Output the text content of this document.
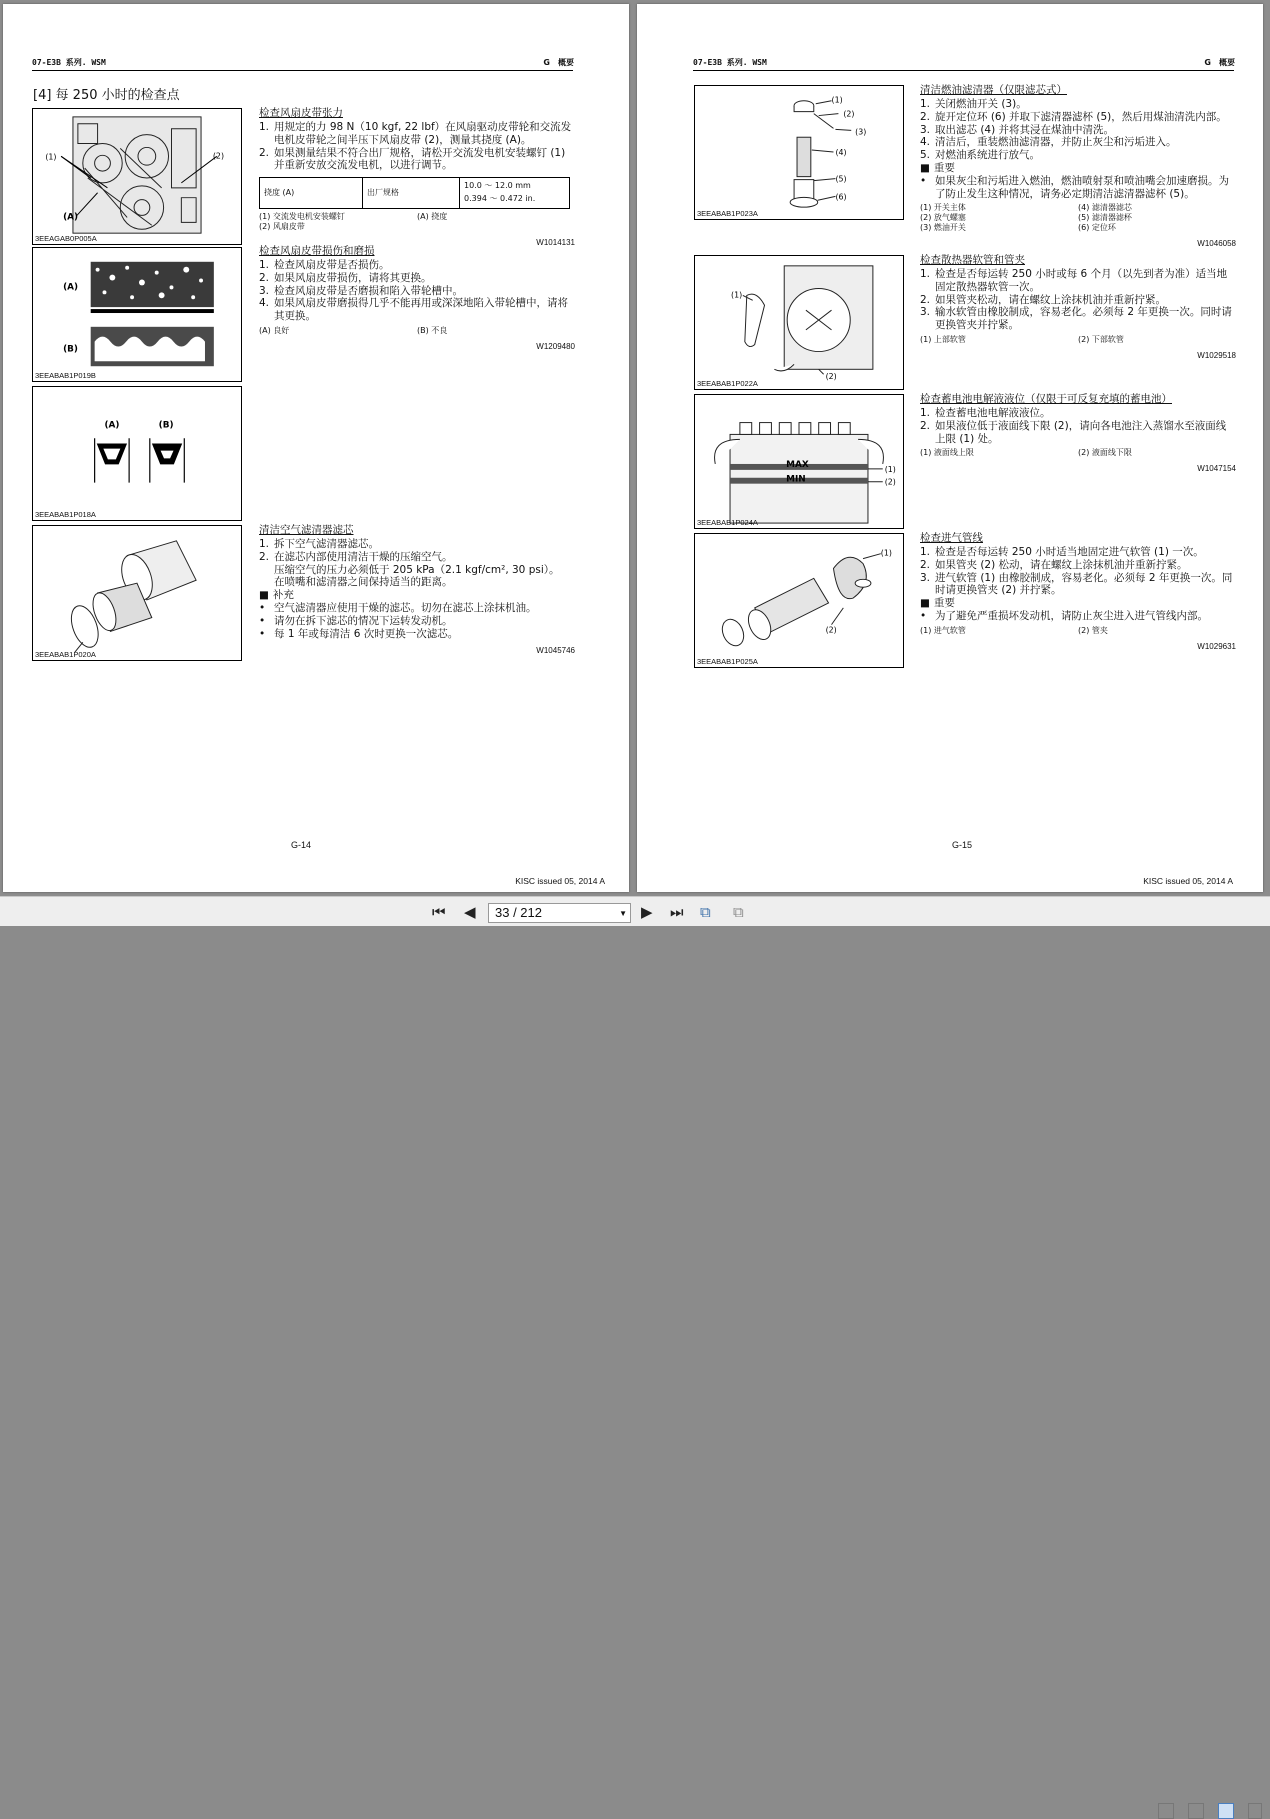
07-E3B 系列. WSM	G　概要
[4] 每 250 小时的检查点
(1)	(2)
(A)
3EEAGAB0P005A
(A)
(B)
3EEABAB1P019B
(A)	(B)
3EEABAB1P018A
3EEABAB1P020A
检查风扇皮带张力
1. 用规定的力 98 N（10 kgf, 22 lbf）在风扇驱动皮带轮和交流发电机皮带轮之间半压下风扇皮带 (2)，测量其挠度 (A)。
2. 如果测量结果不符合出厂规格，请松开交流发电机安装螺钉 (1) 并重新安放交流发电机，以进行调节。
挠度 (A)	出厂规格	10.0 ～ 12.0 mm
0.394 ～ 0.472 in.
(1) 交流发电机安装螺钉	(A) 挠度
(2) 风扇皮带
W1014131
检查风扇皮带损伤和磨损
1. 检查风扇皮带是否损伤。
2. 如果风扇皮带损伤，请将其更换。
3. 检查风扇皮带是否磨损和陷入带轮槽中。
4. 如果风扇皮带磨损得几乎不能再用或深深地陷入带轮槽中，请将其更换。
(A) 良好	(B) 不良
W1209480
清洁空气滤清器滤芯
1. 拆下空气滤清器滤芯。
2. 在滤芯内部使用清洁干燥的压缩空气。
压缩空气的压力必须低于 205 kPa（2.1 kgf/cm², 30 psi）。
在喷嘴和滤清器之间保持适当的距离。
■ 补充
• 空气滤清器应使用干燥的滤芯。切勿在滤芯上涂抹机油。
• 请勿在拆下滤芯的情况下运转发动机。
• 每 1 年或每清洁 6 次时更换一次滤芯。
W1045746
G-14
KISC issued 05, 2014 A
07-E3B 系列. WSM	G　概要
(1)
(2)
(3)
(4)
(5)
(6)
3EEABAB1P023A
(1)
(2)
3EEABAB1P022A
MAX
MIN
(1)
(2)
3EEABAB1P024A
(1)
(2)
3EEABAB1P025A
清洁燃油滤清器（仅限滤芯式）
1. 关闭燃油开关 (3)。
2. 旋开定位环 (6) 并取下滤清器滤杯 (5)，然后用煤油清洗内部。
3. 取出滤芯 (4) 并将其浸在煤油中清洗。
4. 清洁后，重装燃油滤清器，并防止灰尘和污垢进入。
5. 对燃油系统进行放气。
■ 重要
• 如果灰尘和污垢进入燃油，燃油喷射泵和喷油嘴会加速磨损。为了防止发生这种情况，请务必定期清洁滤清器滤杯 (5)。
(1) 开关主体	(4) 滤清器滤芯
(2) 放气螺塞	(5) 滤清器滤杯
(3) 燃油开关	(6) 定位环
W1046058
检查散热器软管和管夹
1. 检查是否每运转 250 小时或每 6 个月（以先到者为准）适当地固定散热器软管一次。
2. 如果管夹松动，请在螺纹上涂抹机油并重新拧紧。
3. 输水软管由橡胶制成，容易老化。必须每 2 年更换一次。同时请更换管夹并拧紧。
(1) 上部软管	(2) 下部软管
W1029518
检查蓄电池电解液液位（仅限于可反复充填的蓄电池）
1. 检查蓄电池电解液液位。
2. 如果液位低于液面线下限 (2)，请向各电池注入蒸馏水至液面线上限 (1) 处。
(1) 液面线上限	(2) 液面线下限
W1047154
检查进气管线
1. 检查是否每运转 250 小时适当地固定进气软管 (1) 一次。
2. 如果管夹 (2) 松动，请在螺纹上涂抹机油并重新拧紧。
3. 进气软管 (1) 由橡胶制成，容易老化。必须每 2 年更换一次。同时请更换管夹 (2) 并拧紧。
■ 重要
• 为了避免严重损坏发动机，请防止灰尘进入进气管线内部。
(1) 进气软管	(2) 管夹
W1029631
G-15
KISC issued 05, 2014 A
⏮ ◀	▶ ⏭ ⧉ ⧉
33 / 212	▼
